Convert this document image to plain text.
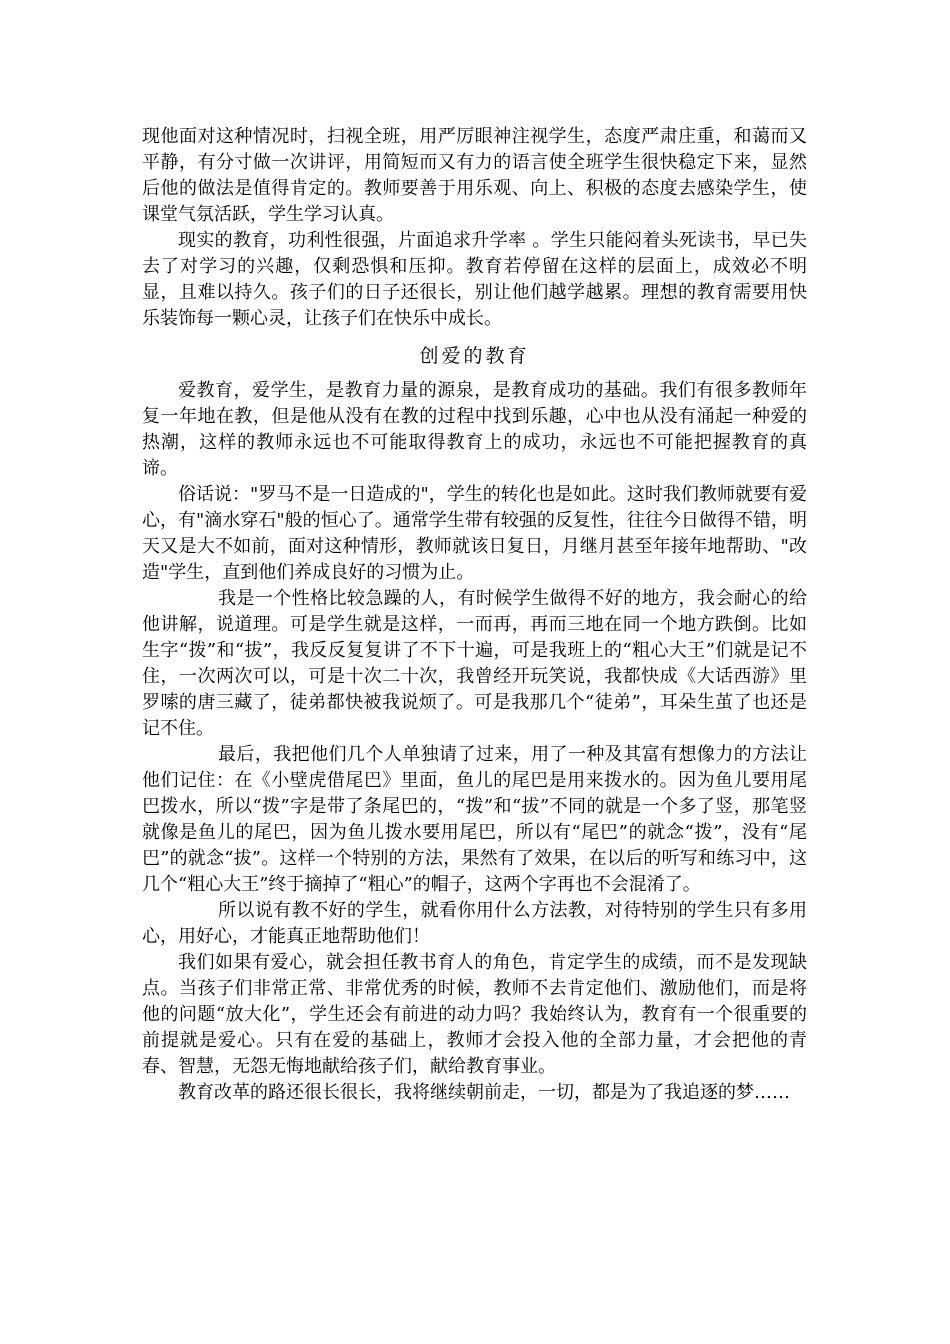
现他面对这种情况时，扫视全班，用严厉眼神注视学生，态度严肃庄重，和蔼而又平静，有分寸做一次讲评，用简短而又有力的语言使全班学生很快稳定下来，显然后他的做法是值得肯定的。教师要善于用乐观、向上、积极的态度去感染学生，使课堂气氛活跃，学生学习认真。

现实的教育，功利性很强，片面追求升学率 。学生只能闷着头死读书，早已失去了对学习的兴趣，仅剩恐惧和压抑。教育若停留在这样的层面上，成效必不明显，且难以持久。孩子们的日子还很长，别让他们越学越累。理想的教育需要用快乐装饰每一颗心灵，让孩子们在快乐中成长。

创爱的教育

爱教育，爱学生，是教育力量的源泉，是教育成功的基础。我们有很多教师年复一年地在教，但是他从没有在教的过程中找到乐趣，心中也从没有涌起一种爱的热潮，这样的教师永远也不可能取得教育上的成功，永远也不可能把握教育的真谛。

俗话说："罗马不是一日造成的"，学生的转化也是如此。这时我们教师就要有爱心，有"滴水穿石"般的恒心了。通常学生带有较强的反复性，往往今日做得不错，明天又是大不如前，面对这种情形，教师就该日复日，月继月甚至年接年地帮助、"改造"学生，直到他们养成良好的习惯为止。

我是一个性格比较急躁的人，有时候学生做得不好的地方，我会耐心的给他讲解，说道理。可是学生就是这样，一而再，再而三地在同一个地方跌倒。比如生字“拨”和“拔”，我反反复复讲了不下十遍，可是我班上的“粗心大王”们就是记不住，一次两次可以，可是十次二十次，我曾经开玩笑说，我都快成《大话西游》里罗嗦的唐三藏了，徒弟都快被我说烦了。可是我那几个“徒弟”，耳朵生茧了也还是记不住。

最后，我把他们几个人单独请了过来，用了一种及其富有想像力的方法让他们记住：在《小壁虎借尾巴》里面，鱼儿的尾巴是用来拨水的。因为鱼儿要用尾巴拨水，所以“拨”字是带了条尾巴的，“拨”和“拔”不同的就是一个多了竖，那笔竖就像是鱼儿的尾巴，因为鱼儿拨水要用尾巴，所以有“尾巴”的就念“拨”，没有“尾巴”的就念“拔”。这样一个特别的方法，果然有了效果，在以后的听写和练习中，这几个“粗心大王”终于摘掉了“粗心”的帽子，这两个字再也不会混淆了。

所以说有教不好的学生，就看你用什么方法教，对待特别的学生只有多用心，用好心，才能真正地帮助他们！

我们如果有爱心，就会担任教书育人的角色，肯定学生的成绩，而不是发现缺点。当孩子们非常正常、非常优秀的时候，教师不去肯定他们、激励他们，而是将他的问题“放大化”，学生还会有前进的动力吗？我始终认为，教育有一个很重要的前提就是爱心。只有在爱的基础上，教师才会投入他的全部力量，才会把他的青春、智慧，无怨无悔地献给孩子们，献给教育事业。

教育改革的路还很长很长，我将继续朝前走，一切，都是为了我追逐的梦……
